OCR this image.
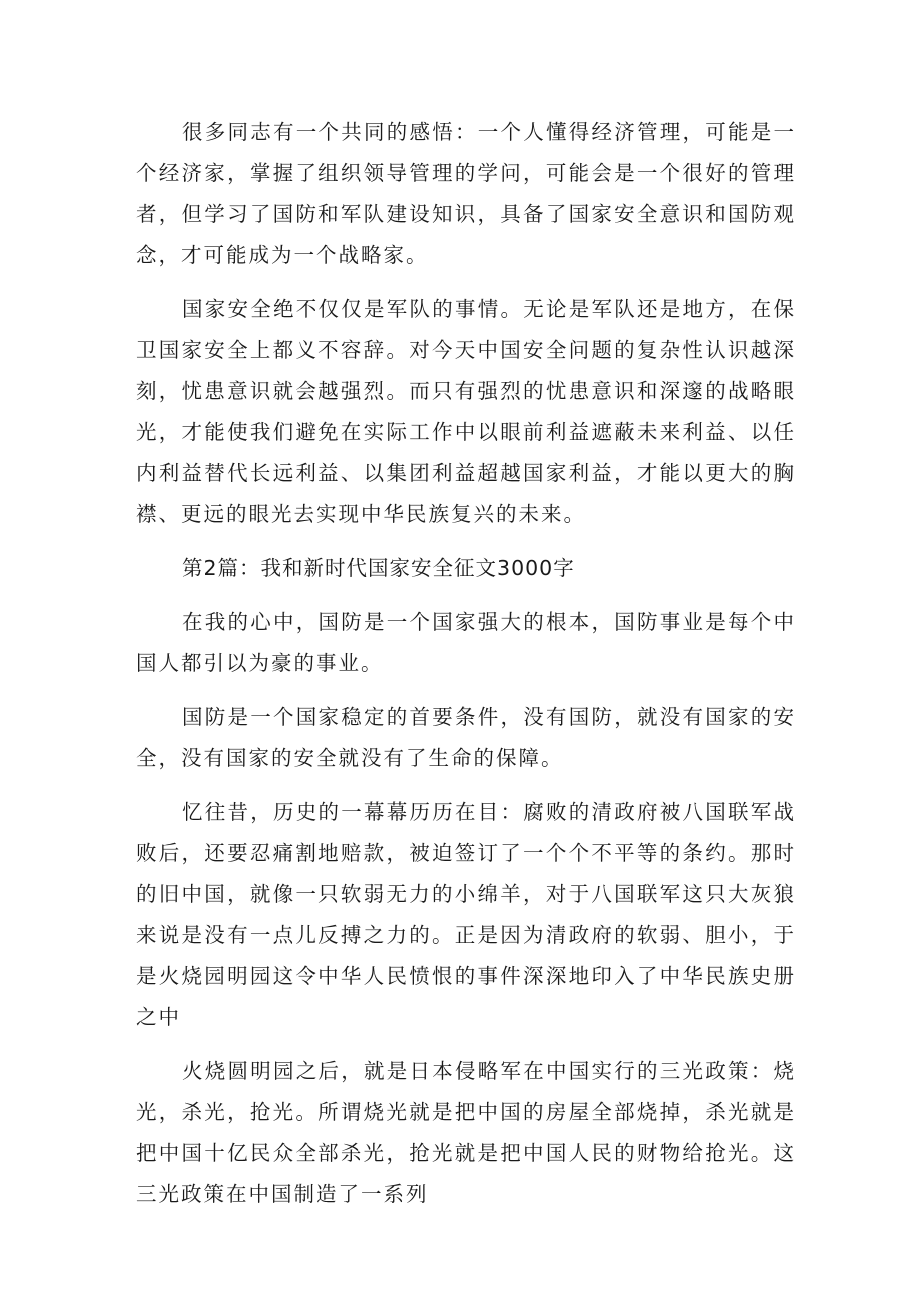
很多同志有一个共同的感悟：一个人懂得经济管理，可能是一个经济家，掌握了组织领导管理的学问，可能会是一个很好的管理者，但学习了国防和军队建设知识，具备了国家安全意识和国防观念，才可能成为一个战略家。

国家安全绝不仅仅是军队的事情。无论是军队还是地方，在保卫国家安全上都义不容辞。对今天中国安全问题的复杂性认识越深刻，忧患意识就会越强烈。而只有强烈的忧患意识和深邃的战略眼光，才能使我们避免在实际工作中以眼前利益遮蔽未来利益、以任内利益替代长远利益、以集团利益超越国家利益，才能以更大的胸襟、更远的眼光去实现中华民族复兴的未来。

第2篇：我和新时代国家安全征文3000字

在我的心中，国防是一个国家强大的根本，国防事业是每个中国人都引以为豪的事业。

国防是一个国家稳定的首要条件，没有国防，就没有国家的安全，没有国家的安全就没有了生命的保障。

忆往昔，历史的一幕幕历历在目：腐败的清政府被八国联军战败后，还要忍痛割地赔款，被迫签订了一个个不平等的条约。那时的旧中国，就像一只软弱无力的小绵羊，对于八国联军这只大灰狼来说是没有一点儿反搏之力的。正是因为清政府的软弱、胆小，于是火烧园明园这令中华人民愤恨的事件深深地印入了中华民族史册之中

火烧圆明园之后，就是日本侵略军在中国实行的三光政策：烧光，杀光，抢光。所谓烧光就是把中国的房屋全部烧掉，杀光就是把中国十亿民众全部杀光，抢光就是把中国人民的财物给抢光。这三光政策在中国制造了一系列
